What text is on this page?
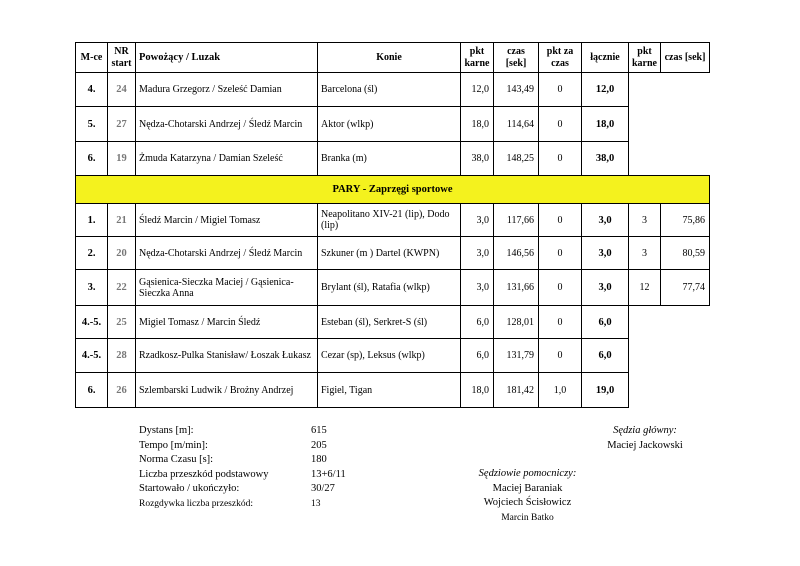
M-ce	NR start	Powożący / Luzak	Konie	pkt karne	czas [sek]	pkt za czas	łącznie	pkt karne	czas [sek]
4.	24	Madura Grzegorz / Szeleść Damian	Barcelona (śl)	12,0	143,49	0	12,0		
5.	27	Nędza-Chotarski Andrzej / Śledź Marcin	Aktor (wlkp)	18,0	114,64	0	18,0		
6.	19	Żmuda Katarzyna / Damian Szeleść	Branka (m)	38,0	148,25	0	38,0		
PARY - Zaprzęgi sportowe									
1.	21	Śledź Marcin / Migiel Tomasz	Neapolitano XIV-21 (lip), Dodo (lip)	3,0	117,66	0	3,0	3	75,86
2.	20	Nędza-Chotarski Andrzej / Śledź Marcin	Szkuner (m ) Dartel (KWPN)	3,0	146,56	0	3,0	3	80,59
3.	22	Gąsienica-Sieczka Maciej / Gąsienica-Sieczka Anna	Brylant (śl), Ratafia (wlkp)	3,0	131,66	0	3,0	12	77,74
4.-5.	25	Migiel Tomasz / Marcin Śledź	Esteban (śl), Serkret-S (śl)	6,0	128,01	0	6,0		
4.-5.	28	Rzadkosz-Pulka Stanisław/ Łoszak Łukasz	Cezar (sp), Leksus (wlkp)	6,0	131,79	0	6,0		
6.	26	Szlembarski Ludwik / Brożny Andrzej	Figiel, Tigan	18,0	181,42	1,0	19,0		
Dystans [m]:	615
Tempo [m/min]:	205
Norma Czasu [s]:	180
Liczba przeszkód podstawowy	13+6/11
Startowało / ukończyło:	30/27
Rozgdywka liczba przeszkód:	13
Sędzia główny:
Maciej Jackowski
Sędziowie pomocniczy:
Maciej Baraniak
Wojciech Ścisłowicz
Marcin Batko
